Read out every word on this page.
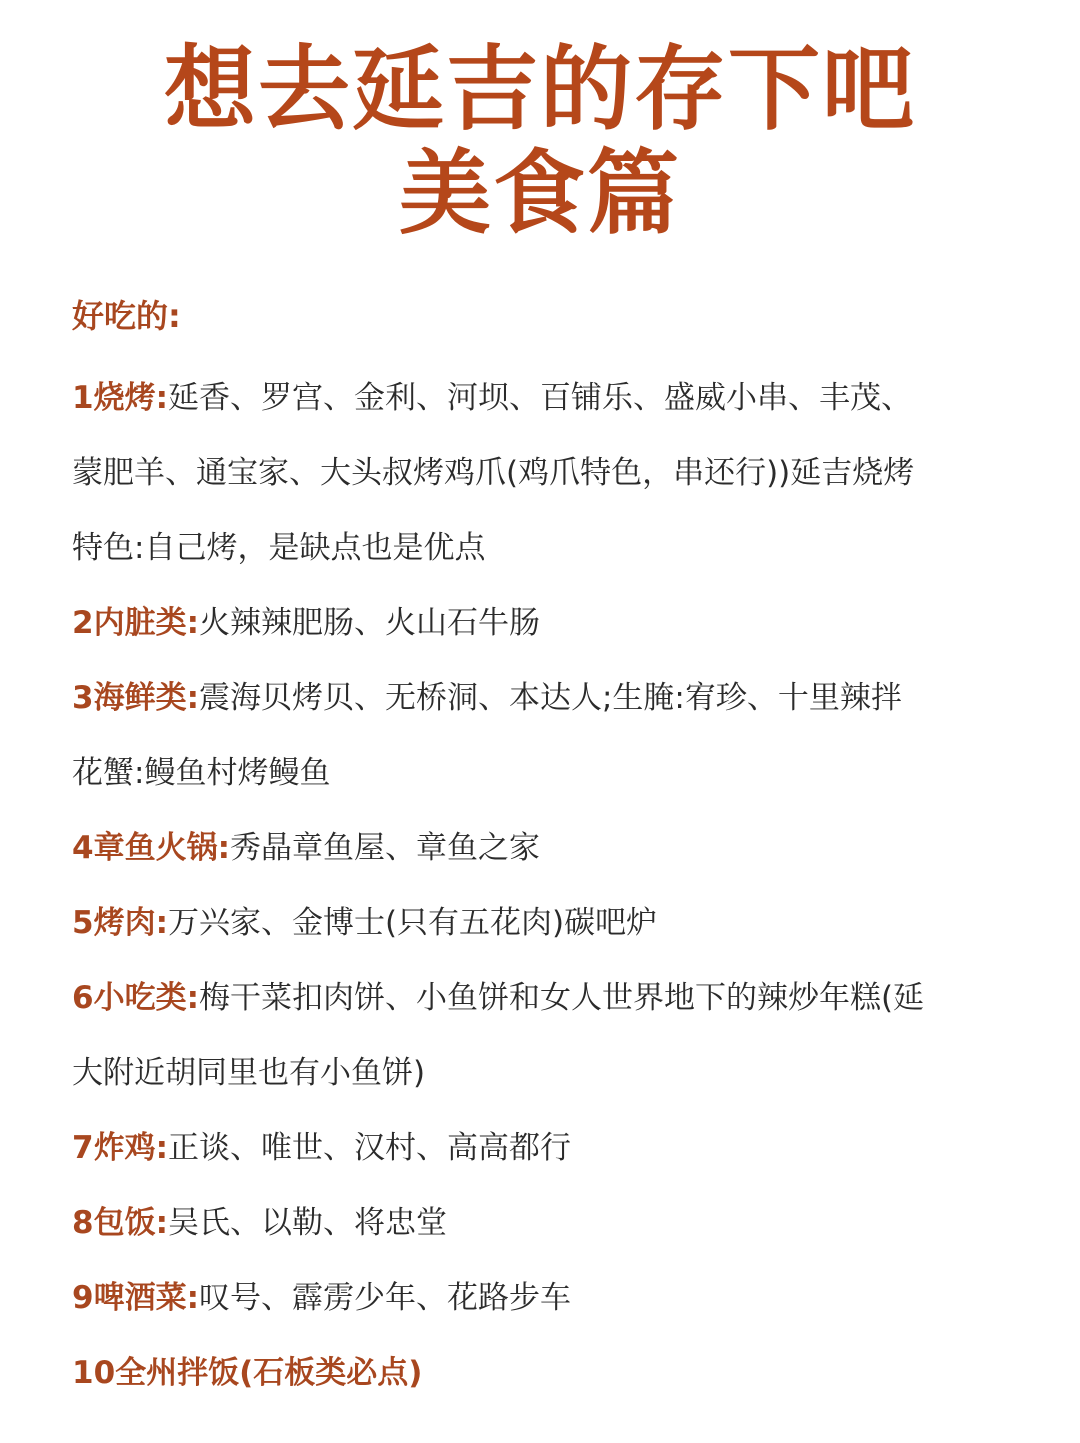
想去延吉的存下吧
美食篇
好吃的:
1烧烤:延香、罗宫、金利、河坝、百铺乐、盛威小串、丰茂、
蒙肥羊、通宝家、大头叔烤鸡爪(鸡爪特色，串还行))延吉烧烤
特色:自己烤，是缺点也是优点
2内脏类:火辣辣肥肠、火山石牛肠
3海鲜类:震海贝烤贝、无桥洞、本达人;生腌:宥珍、十里辣拌
花蟹:鳗鱼村烤鳗鱼
4章鱼火锅:秀晶章鱼屋、章鱼之家
5烤肉:万兴家、金博士(只有五花肉)碳吧炉
6小吃类:梅干菜扣肉饼、小鱼饼和女人世界地下的辣炒年糕(延
大附近胡同里也有小鱼饼)
7炸鸡:正谈、唯世、汉村、高高都行
8包饭:吴氏、以勒、将忠堂
9啤酒菜:叹号、霹雳少年、花路步车
10全州拌饭(石板类必点)
